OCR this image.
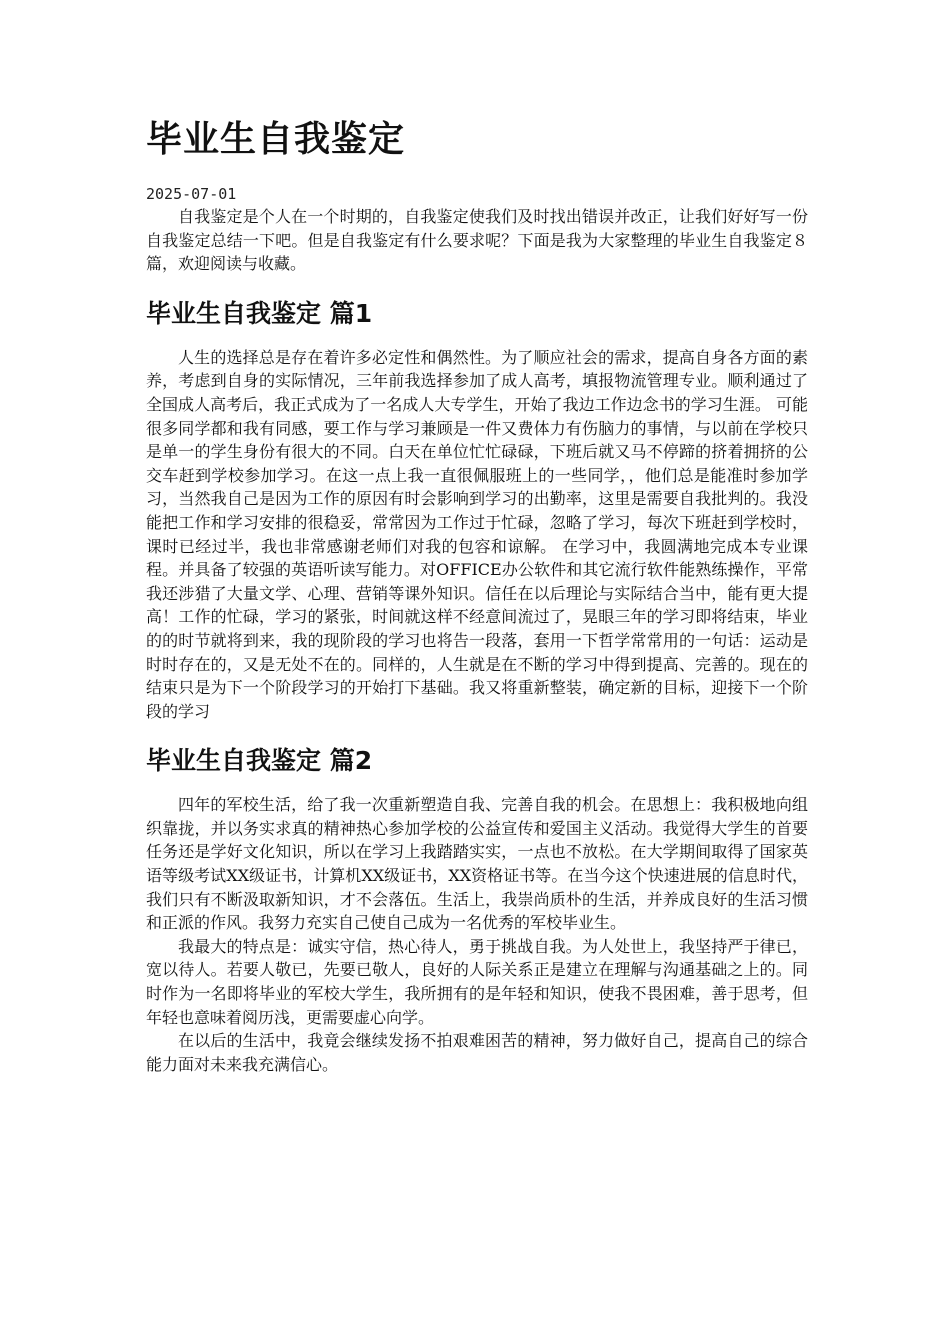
毕业生自我鉴定
2025-07-01

自我鉴定是个人在一个时期的，自我鉴定使我们及时找出错误并改正，让我们好好写一份自我鉴定总结一下吧。但是自我鉴定有什么要求呢？下面是我为大家整理的毕业生自我鉴定８篇，欢迎阅读与收藏。

毕业生自我鉴定 篇1

人生的选择总是存在着许多必定性和偶然性。为了顺应社会的需求，提高自身各方面的素养，考虑到自身的实际情况，三年前我选择参加了成人高考，填报物流管理专业。顺利通过了全国成人高考后，我正式成为了一名成人大专学生，开始了我边工作边念书的学习生涯。 可能很多同学都和我有同感，要工作与学习兼顾是一件又费体力有伤脑力的事情，与以前在学校只是单一的学生身份有很大的不同。白天在单位忙忙碌碌，下班后就又马不停蹄的挤着拥挤的公交车赶到学校参加学习。在这一点上我一直很佩服班上的一些同学，，他们总是能准时参加学习，当然我自己是因为工作的原因有时会影响到学习的出勤率，这里是需要自我批判的。我没能把工作和学习安排的很稳妥，常常因为工作过于忙碌，忽略了学习，每次下班赶到学校时，课时已经过半，我也非常感谢老师们对我的包容和谅解。 在学习中，我圆满地完成本专业课程。并具备了较强的英语听读写能力。对OFFICE办公软件和其它流行软件能熟练操作，平常我还涉猎了大量文学、心理、营销等课外知识。信任在以后理论与实际结合当中，能有更大提高！工作的忙碌，学习的紧张，时间就这样不经意间流过了，晃眼三年的学习即将结束，毕业的的时节就将到来，我的现阶段的学习也将告一段落，套用一下哲学常常用的一句话：运动是时时存在的，又是无处不在的。同样的，人生就是在不断的学习中得到提高、完善的。现在的结束只是为下一个阶段学习的开始打下基础。我又将重新整装，确定新的目标，迎接下一个阶段的学习

毕业生自我鉴定 篇2

四年的军校生活，给了我一次重新塑造自我、完善自我的机会。在思想上：我积极地向组织靠拢，并以务实求真的精神热心参加学校的公益宣传和爱国主义活动。我觉得大学生的首要任务还是学好文化知识，所以在学习上我踏踏实实，一点也不放松。在大学期间取得了国家英语等级考试XX级证书，计算机XX级证书，XX资格证书等。在当今这个快速进展的信息时代，我们只有不断汲取新知识，才不会落伍。生活上，我崇尚质朴的生活，并养成良好的生活习惯和正派的作风。我努力充实自己使自己成为一名优秀的军校毕业生。

我最大的特点是：诚实守信，热心待人，勇于挑战自我。为人处世上，我坚持严于律已，宽以待人。若要人敬已，先要已敬人，良好的人际关系正是建立在理解与沟通基础之上的。同时作为一名即将毕业的军校大学生，我所拥有的是年轻和知识，使我不畏困难，善于思考，但年轻也意味着阅历浅，更需要虚心向学。

在以后的生活中，我竟会继续发扬不拍艰难困苦的精神，努力做好自己，提高自己的综合能力面对未来我充满信心。
